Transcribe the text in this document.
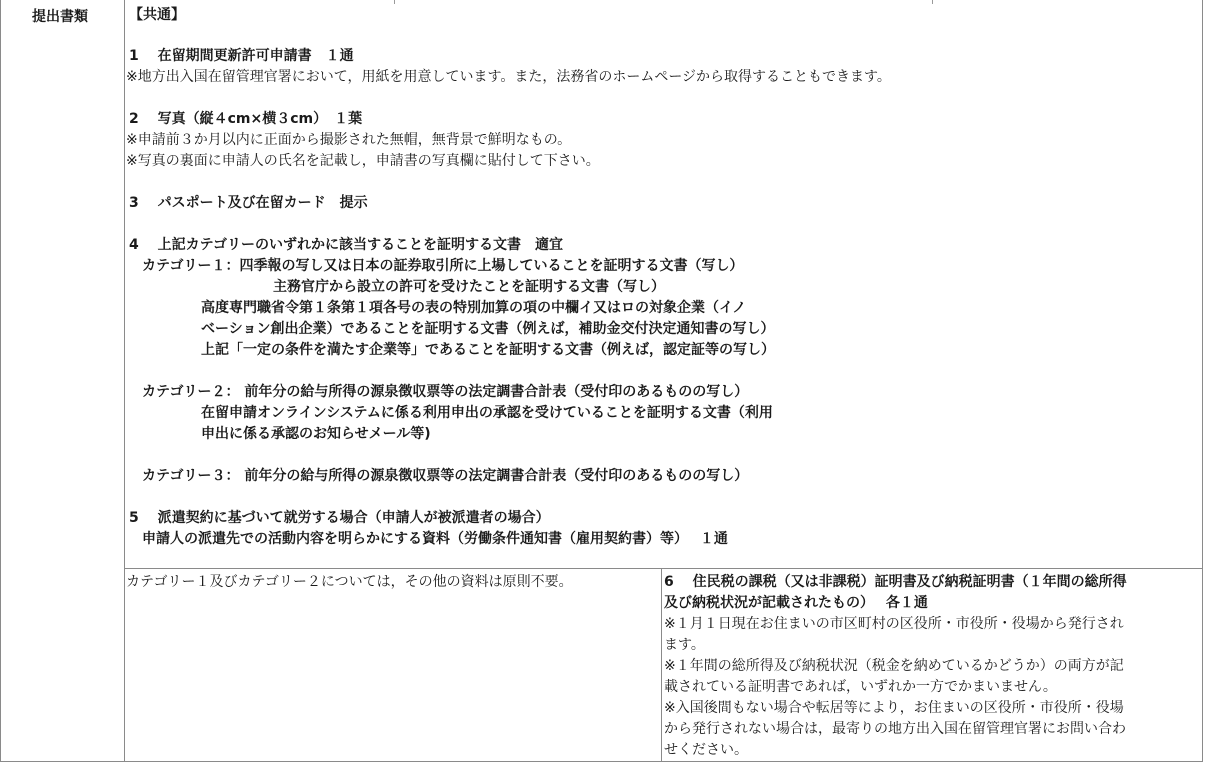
提出書類	【共通】
1　 在留期間更新許可申請書　１通
※地方出入国在留管理官署において，用紙を用意しています。また，法務省のホームページから取得することもできます。
2　 写真（縦４cm×横３cm）　１葉
※申請前３か月以内に正面から撮影された無帽，無背景で鮮明なもの。
※写真の裏面に申請人の氏名を記載し，申請書の写真欄に貼付して下さい。
3　 パスポート及び在留カード　提示
4　 上記カテゴリーのいずれかに該当することを証明する文書　適宜
カテゴリー１：四季報の写し又は日本の証券取引所に上場していることを証明する文書（写し）
主務官庁から設立の許可を受けたことを証明する文書（写し）
高度専門職省令第１条第１項各号の表の特別加算の項の中欄イ又はロの対象企業（イノ
ベーション創出企業）であることを証明する文書（例えば，補助金交付決定通知書の写し）
上記「一定の条件を満たす企業等」であることを証明する文書（例えば，認定証等の写し）
カテゴリー２： 前年分の給与所得の源泉徴収票等の法定調書合計表（受付印のあるものの写し）
在留申請オンラインシステムに係る利用申出の承認を受けていることを証明する文書（利用
申出に係る承認のお知らせメール等)
カテゴリー３： 前年分の給与所得の源泉徴収票等の法定調書合計表（受付印のあるものの写し）
5　 派遣契約に基づいて就労する場合（申請人が被派遣者の場合）
申請人の派遣先での活動内容を明らかにする資料（労働条件通知書（雇用契約書）等）　 １通
カテゴリー１及びカテゴリー２については，その他の資料は原則不要。	6　 住民税の課税（又は非課税）証明書及び納税証明書（１年間の総所得
及び納税状況が記載されたもの）　 各１通
※１月１日現在お住まいの市区町村の区役所・市役所・役場から発行され
ます。
※１年間の総所得及び納税状況（税金を納めているかどうか）の両方が記
載されている証明書であれば，いずれか一方でかまいません。
※入国後間もない場合や転居等により，お住まいの区役所・市役所・役場
から発行されない場合は，最寄りの地方出入国在留管理官署にお問い合わ
せください。
